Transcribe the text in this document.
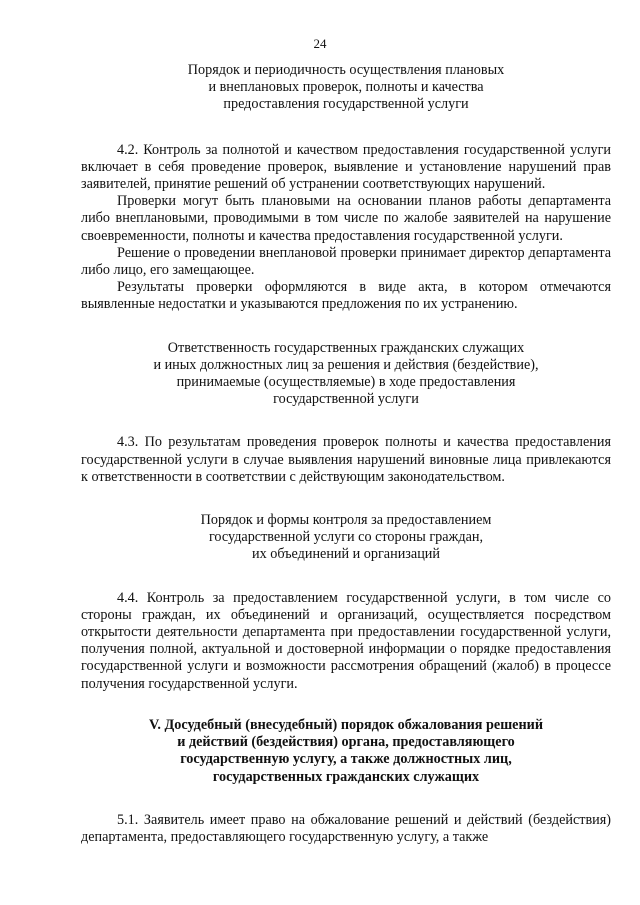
24
Порядок и периодичность осуществления плановых
и внеплановых проверок, полноты и качества
предоставления государственной услуги

4.2. Контроль за полнотой и качеством предоставления государственной услуги включает в себя проведение проверок, выявление и установление нарушений прав заявителей, принятие решений об устранении соответствующих нарушений.

Проверки могут быть плановыми на основании планов работы департамента либо внеплановыми, проводимыми в том числе по жалобе заявителей на нарушение своевременности, полноты и качества предоставления государственной услуги.

Решение о проведении внеплановой проверки принимает директор департамента либо лицо, его замещающее.

Результаты проверки оформляются в виде акта, в котором отмечаются выявленные недостатки и указываются предложения по их устранению.

Ответственность государственных гражданских служащих
и иных должностных лиц за решения и действия (бездействие),
принимаемые (осуществляемые) в ходе предоставления
государственной услуги

4.3. По результатам проведения проверок полноты и качества предоставления государственной услуги в случае выявления нарушений виновные лица привлекаются к ответственности в соответствии с действующим законодательством.

Порядок и формы контроля за предоставлением
государственной услуги со стороны граждан,
их объединений и организаций

4.4. Контроль за предоставлением государственной услуги, в том числе со стороны граждан, их объединений и организаций, осуществляется посредством открытости деятельности департамента при предоставлении государственной услуги, получения полной, актуальной и достоверной информации о порядке предоставления государственной услуги и возможности рассмотрения обращений (жалоб) в процессе получения государственной услуги.

V. Досудебный (внесудебный) порядок обжалования решений
и действий (бездействия) органа, предоставляющего
государственную услугу, а также должностных лиц,
государственных гражданских служащих

5.1. Заявитель имеет право на обжалование решений и действий (бездействия) департамента, предоставляющего государственную услугу, а также
